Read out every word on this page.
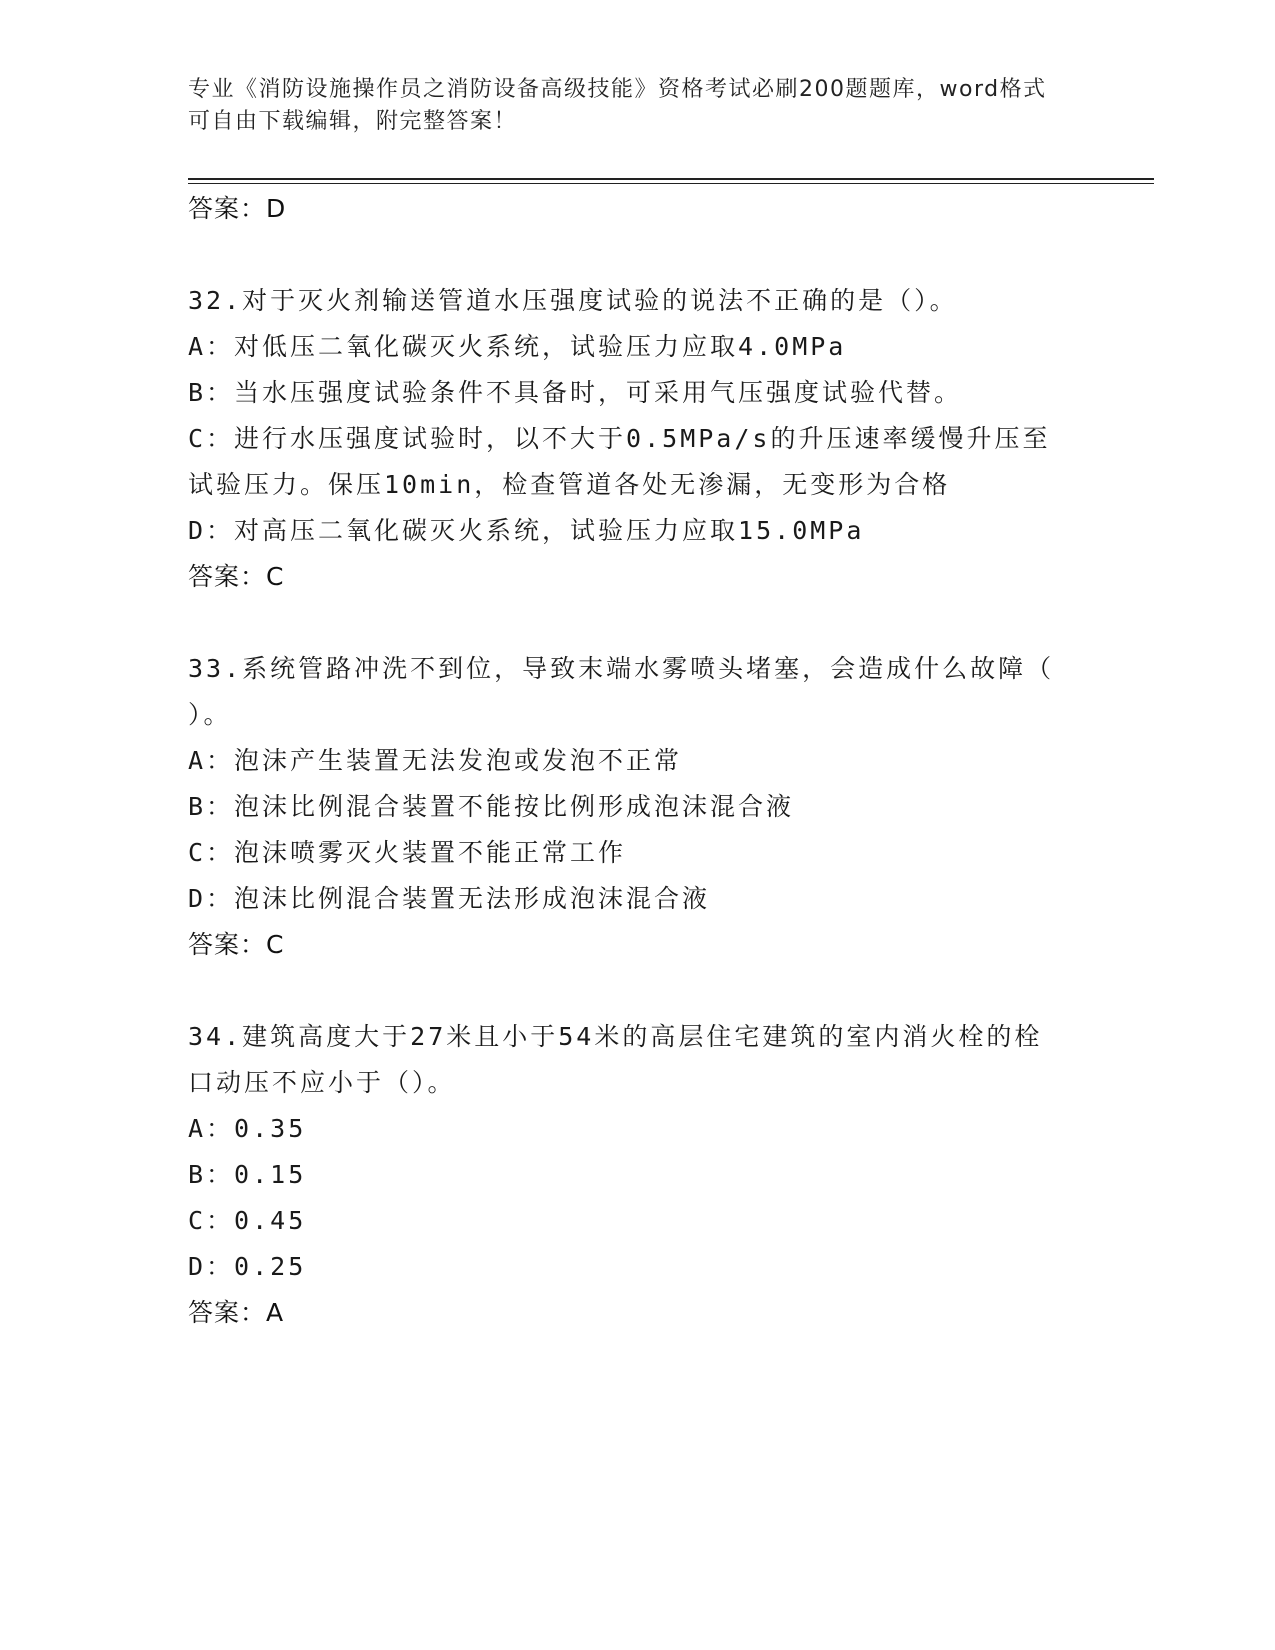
专业《消防设施操作员之消防设备高级技能》资格考试必刷200题题库，word格式可自由下载编辑，附完整答案！
答案：D
32.对于灭火剂输送管道水压强度试验的说法不正确的是（）。
A：对低压二氧化碳灭火系统，试验压力应取4.0MPa
B：当水压强度试验条件不具备时，可采用气压强度试验代替。
C：进行水压强度试验时，以不大于0.5MPa/s的升压速率缓慢升压至
试验压力。保压10min，检查管道各处无渗漏，无变形为合格
D：对高压二氧化碳灭火系统，试验压力应取15.0MPa
答案：C
33.系统管路冲洗不到位，导致末端水雾喷头堵塞，会造成什么故障（
）。
A：泡沫产生装置无法发泡或发泡不正常
B：泡沫比例混合装置不能按比例形成泡沫混合液
C：泡沫喷雾灭火装置不能正常工作
D：泡沫比例混合装置无法形成泡沫混合液
答案：C
34.建筑高度大于27米且小于54米的高层住宅建筑的室内消火栓的栓
口动压不应小于（）。
A：0.35
B：0.15
C：0.45
D：0.25
答案：A
